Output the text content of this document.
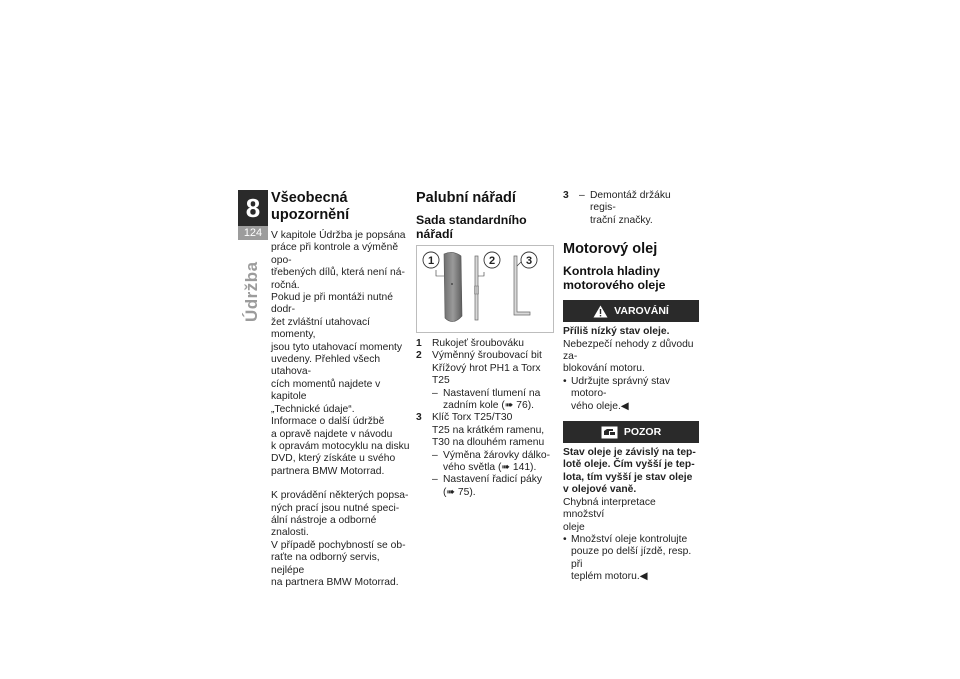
8
124
Údržba
Všeobecná upozornění

V kapitole Údržba je popsána
práce při kontrole a výměně opo-
třebených dílů, která není ná-
ročná.

Pokud je při montáži nutné dodr-
žet zvláštní utahovací momenty,
jsou tyto utahovací momenty
uvedeny. Přehled všech utahova-
cích momentů najdete v kapitole
„Technické údaje“.

Informace o další údržbě
a opravě najdete v návodu
k opravám motocyklu na disku
DVD, který získáte u svého
partnera BMW Motorrad.

K provádění některých popsa-
ných prací jsou nutné speci-
ální nástroje a odborné znalosti.
V případě pochybností se ob-
raťte na odborný servis, nejlépe
na partnera BMW Motorrad.

Palubní nářadí
Sada standardního nářadí
1	2	3
1 Rukojeť šroubováku
2 Výměnný šroubovací bit
Křížový hrot PH1 a Torx
T25
– Nastavení tlumení na
zadním kole (➠ 76).
3 Klíč Torx T25/T30
T25 na krátkém ramenu,
T30 na dlouhém ramenu
– Výměna žárovky dálko-
vého světla (➠ 141).
– Nastavení řadicí páky
(➠ 75).
3 – Demontáž držáku regis-
trační značky.
Motorový olej
Kontrola hladiny
motorového oleje
VAROVÁNÍ

Příliš nízký stav oleje.

Nebezpečí nehody z důvodu za-
blokování motoru.

• Udržujte správný stav motoro-
vého oleje.◀
POZOR

Stav oleje je závislý na tep-
lotě oleje. Čím vyšší je tep-
lota, tím vyšší je stav oleje
v olejové vaně.

Chybná interpretace množství
oleje

• Množství oleje kontrolujte
pouze po delší jízdě, resp. při
teplém motoru.◀
